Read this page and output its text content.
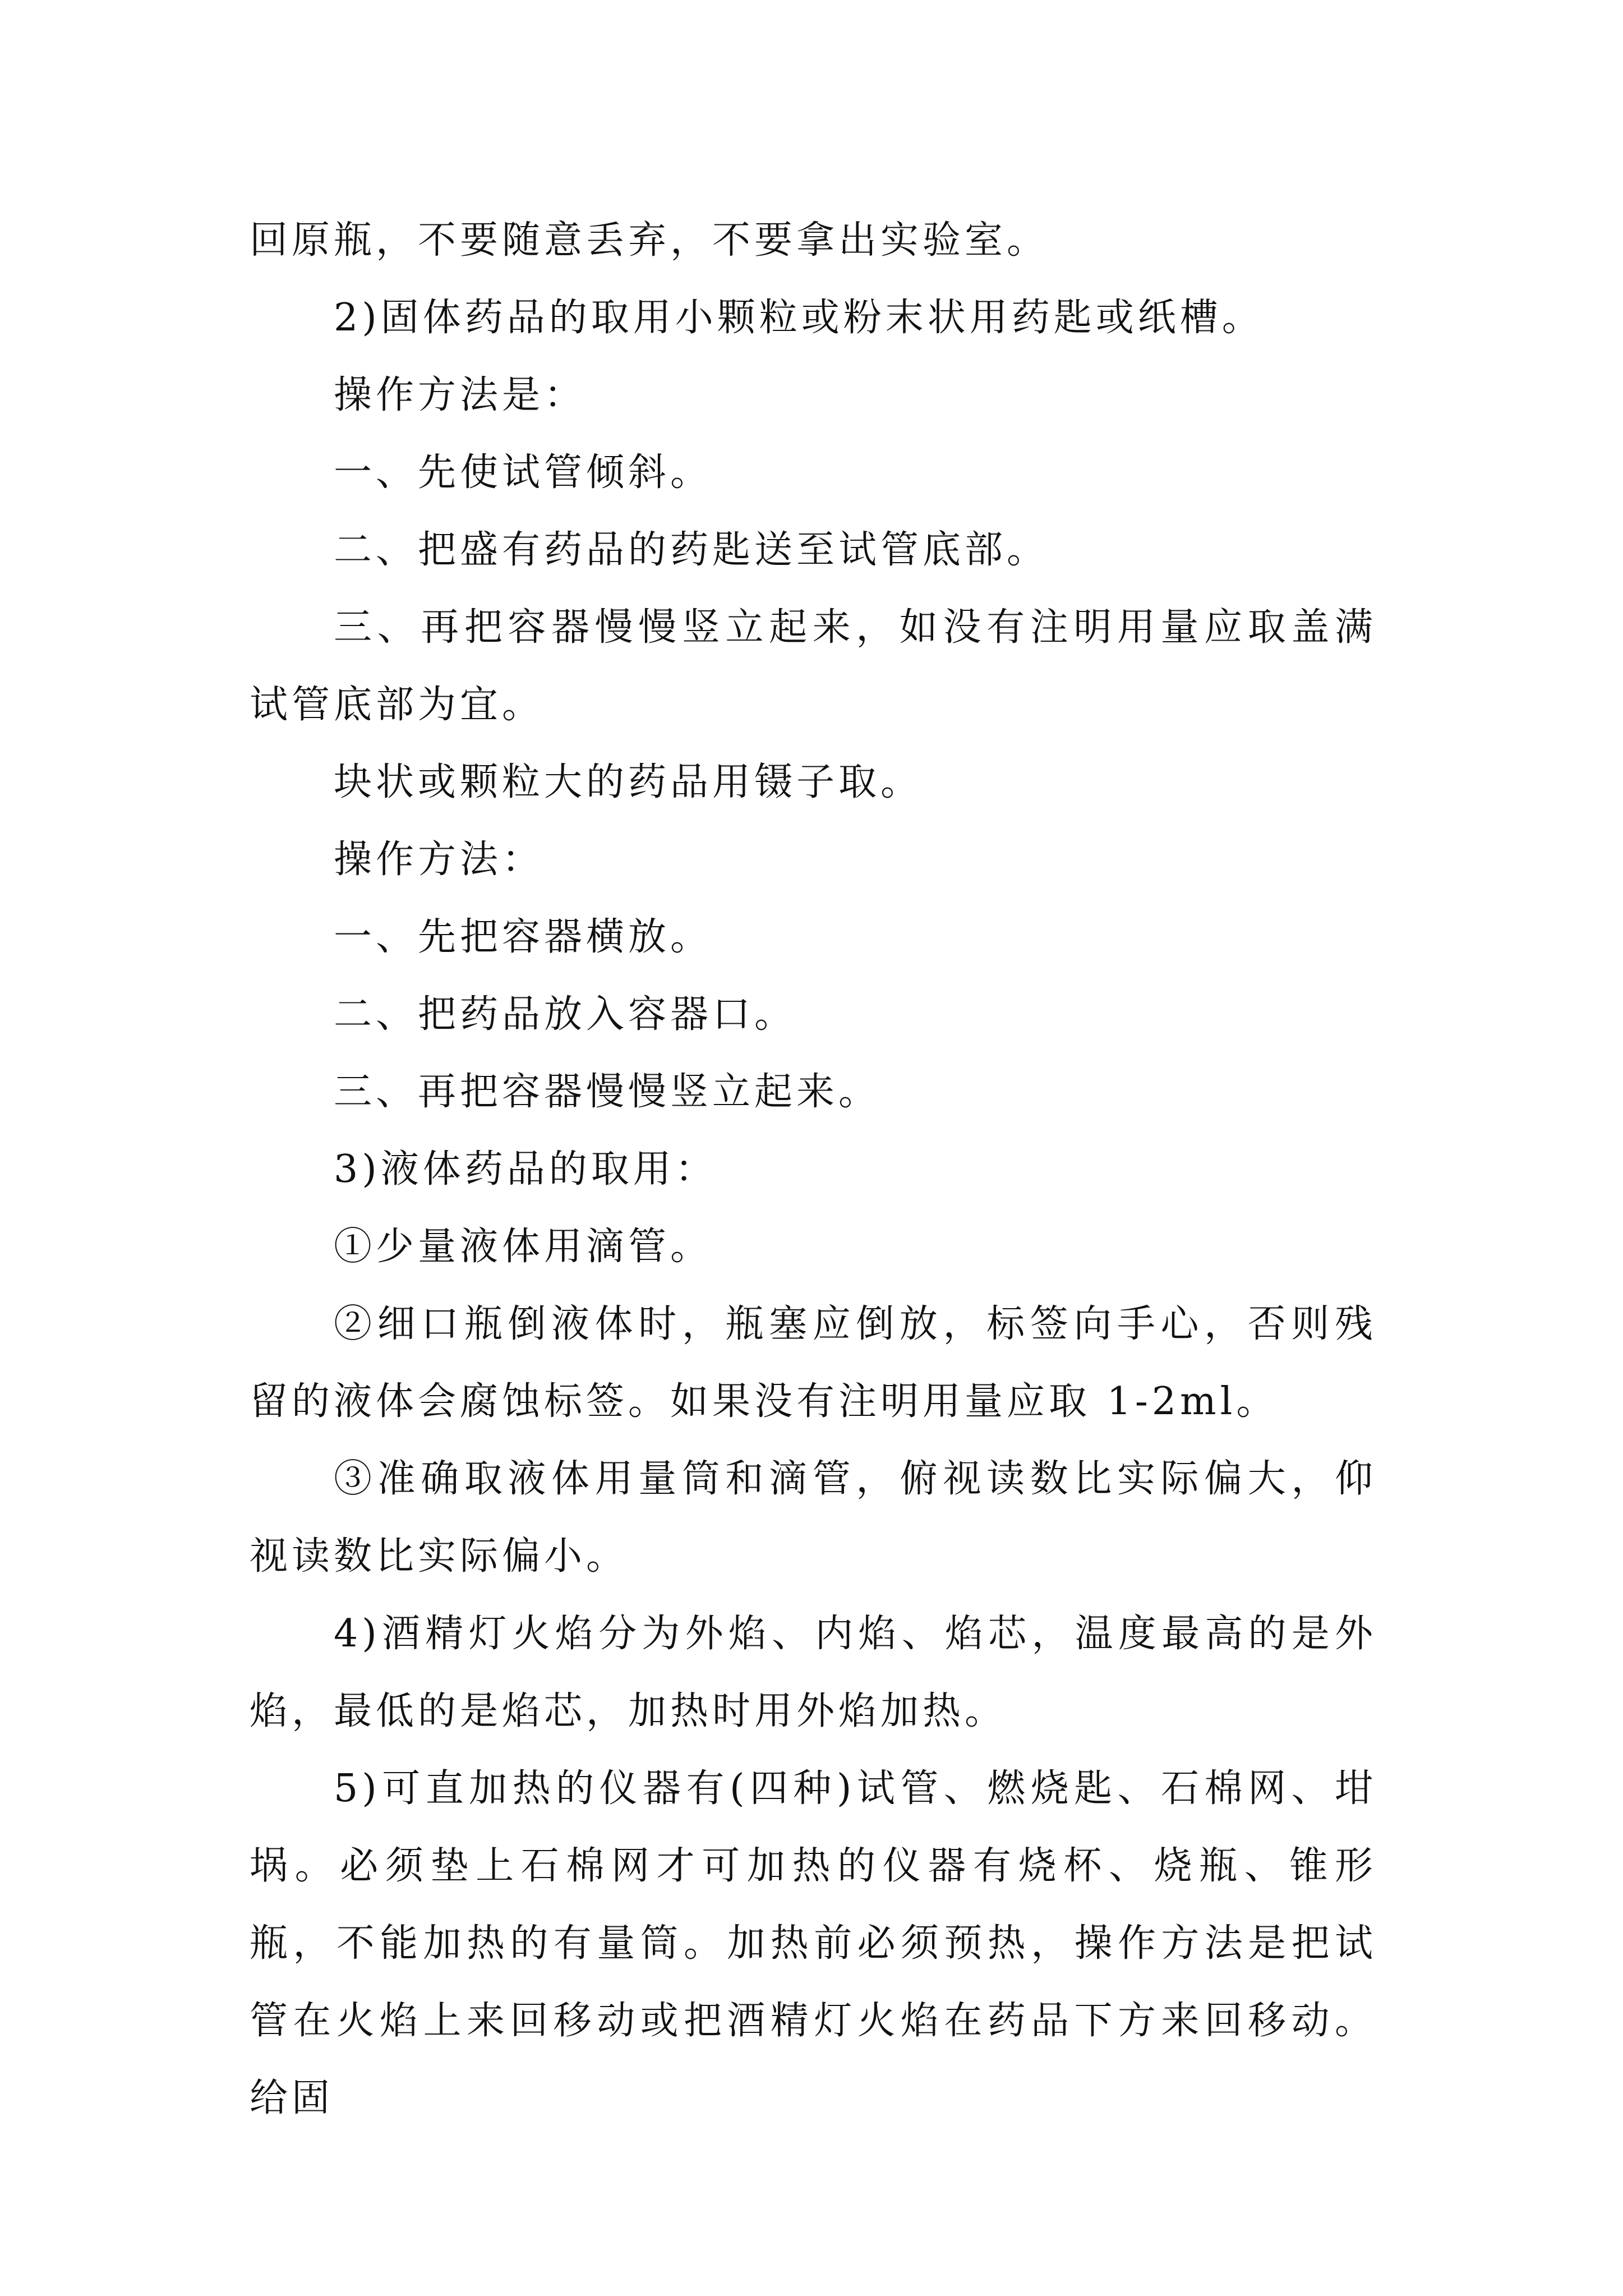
回原瓶，不要随意丢弃，不要拿出实验室。

2)固体药品的取用小颗粒或粉末状用药匙或纸槽。

操作方法是：

一、先使试管倾斜。

二、把盛有药品的药匙送至试管底部。

三、再把容器慢慢竖立起来，如没有注明用量应取盖满试管底部为宜。

块状或颗粒大的药品用镊子取。

操作方法：

一、先把容器横放。

二、把药品放入容器口。

三、再把容器慢慢竖立起来。

3)液体药品的取用：

①少量液体用滴管。

②细口瓶倒液体时，瓶塞应倒放，标签向手心，否则残留的液体会腐蚀标签。如果没有注明用量应取 1-2ml。

③准确取液体用量筒和滴管，俯视读数比实际偏大，仰视读数比实际偏小。

4)酒精灯火焰分为外焰、内焰、焰芯，温度最高的是外焰，最低的是焰芯，加热时用外焰加热。

5)可直加热的仪器有(四种)试管、燃烧匙、石棉网、坩埚。必须垫上石棉网才可加热的仪器有烧杯、烧瓶、锥形瓶，不能加热的有量筒。加热前必须预热，操作方法是把试管在火焰上来回移动或把酒精灯火焰在药品下方来回移动。给固
